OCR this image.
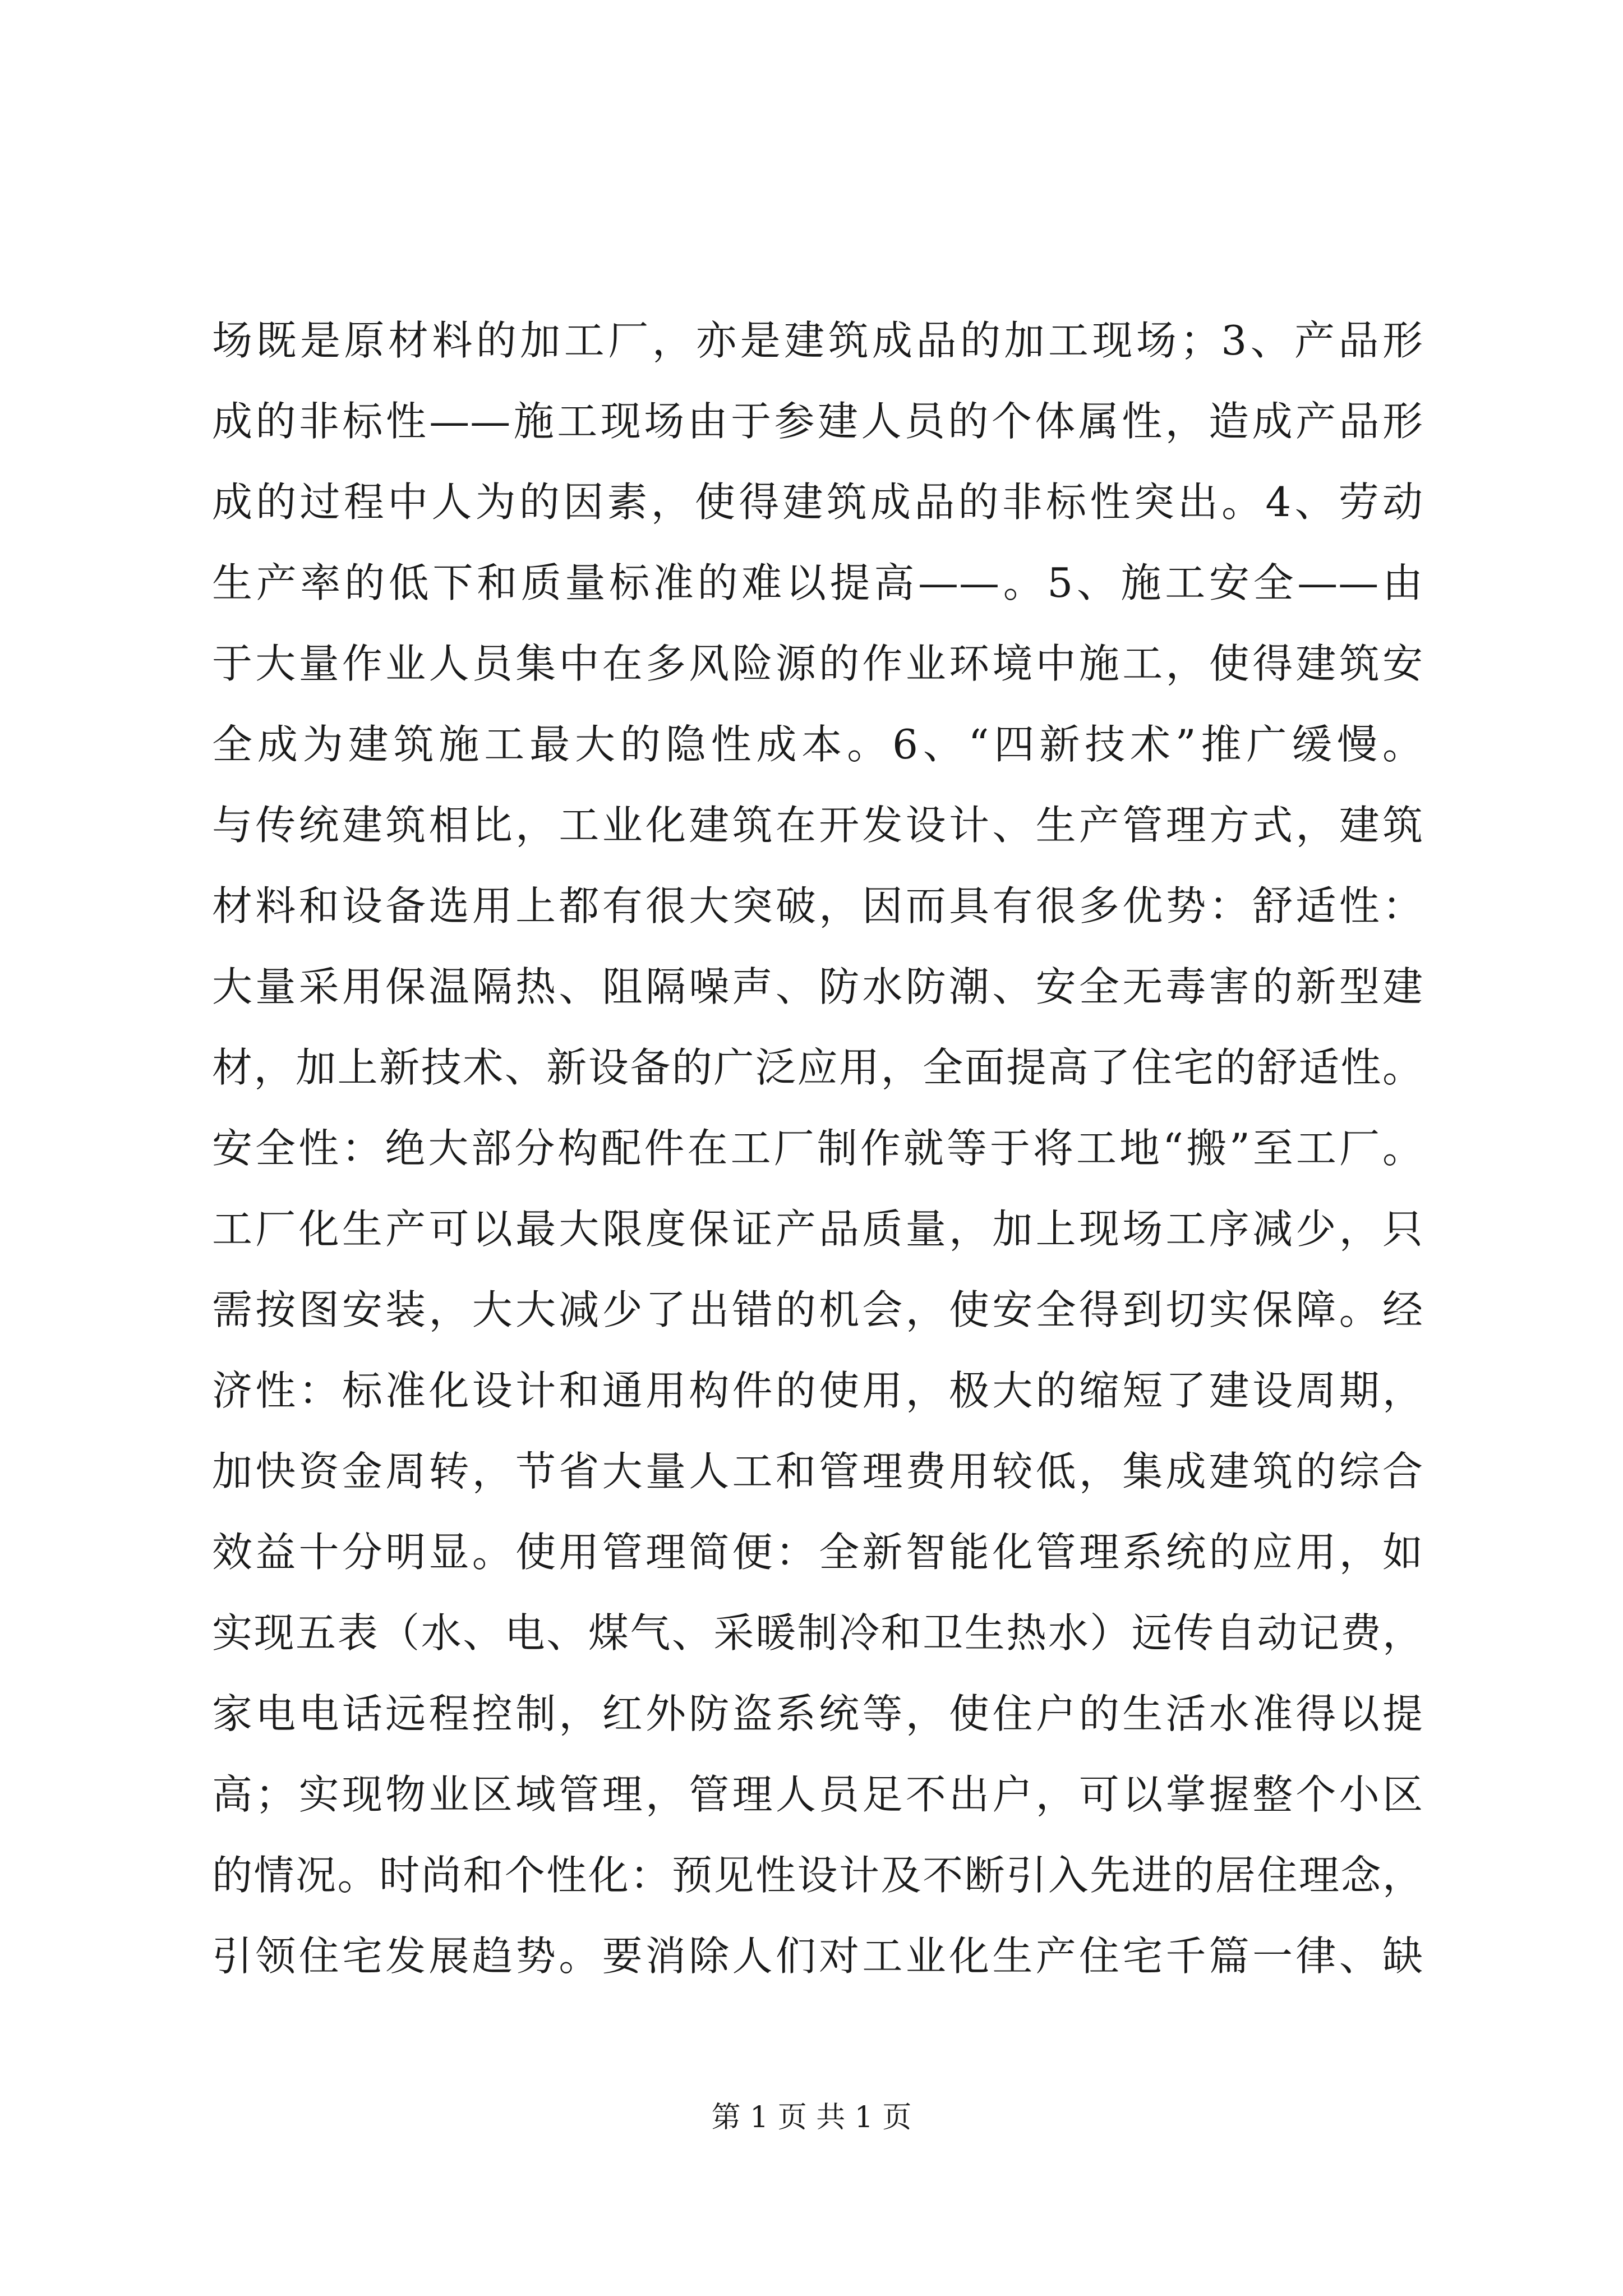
场既是原材料的加工厂，亦是建筑成品的加工现场；3、产品形
成的非标性——施工现场由于参建人员的个体属性，造成产品形
成的过程中人为的因素，使得建筑成品的非标性突出。4、劳动
生产率的低下和质量标准的难以提高——。5、施工安全——由
于大量作业人员集中在多风险源的作业环境中施工，使得建筑安
全成为建筑施工最大的隐性成本。6、“四新技术”推广缓慢。
与传统建筑相比，工业化建筑在开发设计、生产管理方式，建筑
材料和设备选用上都有很大突破，因而具有很多优势：舒适性：
大量采用保温隔热、阻隔噪声、防水防潮、安全无毒害的新型建
材，加上新技术、新设备的广泛应用，全面提高了住宅的舒适性。
安全性：绝大部分构配件在工厂制作就等于将工地“搬”至工厂。
工厂化生产可以最大限度保证产品质量，加上现场工序减少，只
需按图安装，大大减少了出错的机会，使安全得到切实保障。经
济性：标准化设计和通用构件的使用，极大的缩短了建设周期，
加快资金周转，节省大量人工和管理费用较低，集成建筑的综合
效益十分明显。使用管理简便：全新智能化管理系统的应用，如
实现五表（水、电、煤气、采暖制冷和卫生热水）远传自动记费，
家电电话远程控制，红外防盗系统等，使住户的生活水准得以提
高；实现物业区域管理，管理人员足不出户，可以掌握整个小区
的情况。时尚和个性化：预见性设计及不断引入先进的居住理念，
引领住宅发展趋势。要消除人们对工业化生产住宅千篇一律、缺
第 1 页 共 1 页
